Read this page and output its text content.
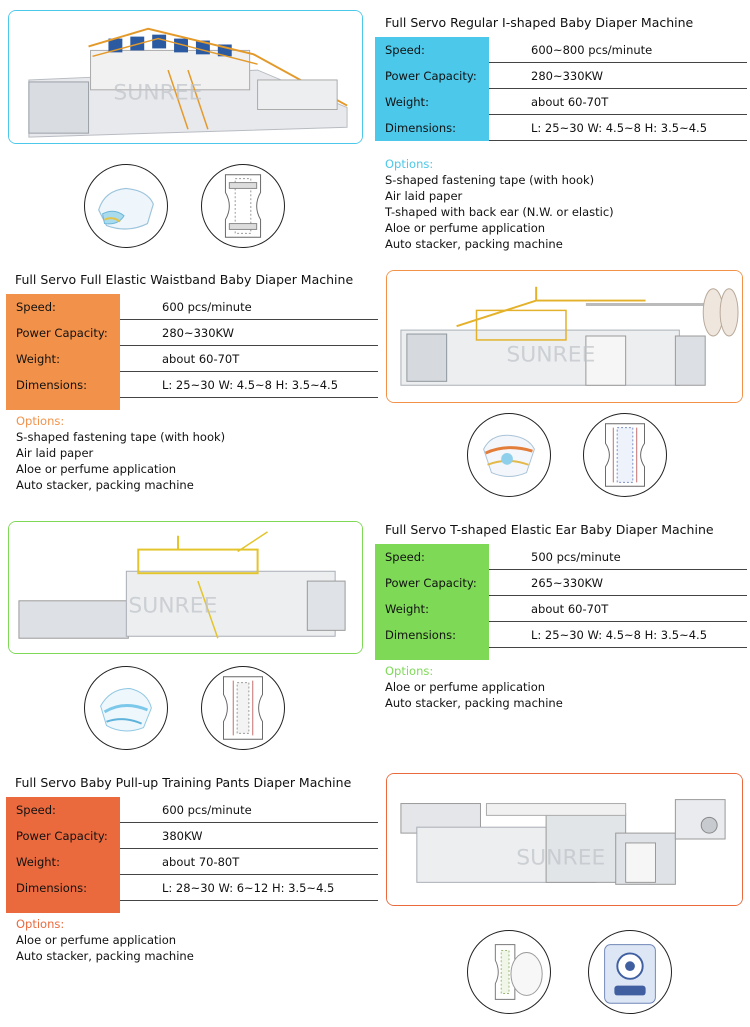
SUNREE
Full Servo Regular I-shaped Baby Diaper Machine
Speed:	600~800 pcs/minute
Power Capacity:	280~330KW
Weight:	about 60-70T
Dimensions:	L: 25~30 W: 4.5~8 H: 3.5~4.5
Options:
S-shaped fastening tape (with hook)
Air laid paper
T-shaped with back ear (N.W. or elastic)
Aloe or perfume application
Auto stacker, packing machine
Full Servo Full Elastic Waistband Baby Diaper Machine
Speed:	600 pcs/minute
Power Capacity:	280~330KW
Weight:	about 60-70T
Dimensions:	L: 25~30 W: 4.5~8 H: 3.5~4.5
Options:
S-shaped fastening tape (with hook)
Air laid paper
Aloe or perfume application
Auto stacker, packing machine
SUNREE
SUNREE
Full Servo T-shaped Elastic Ear Baby Diaper Machine
Speed:	500 pcs/minute
Power Capacity:	265~330KW
Weight:	about 60-70T
Dimensions:	L: 25~30 W: 4.5~8 H: 3.5~4.5
Options:
Aloe or perfume application
Auto stacker, packing machine
Full Servo Baby Pull-up Training Pants Diaper Machine
Speed:	600 pcs/minute
Power Capacity:	380KW
Weight:	about 70-80T
Dimensions:	L: 28~30 W: 6~12 H: 3.5~4.5
Options:
Aloe or perfume application
Auto stacker, packing machine
SUNREE
